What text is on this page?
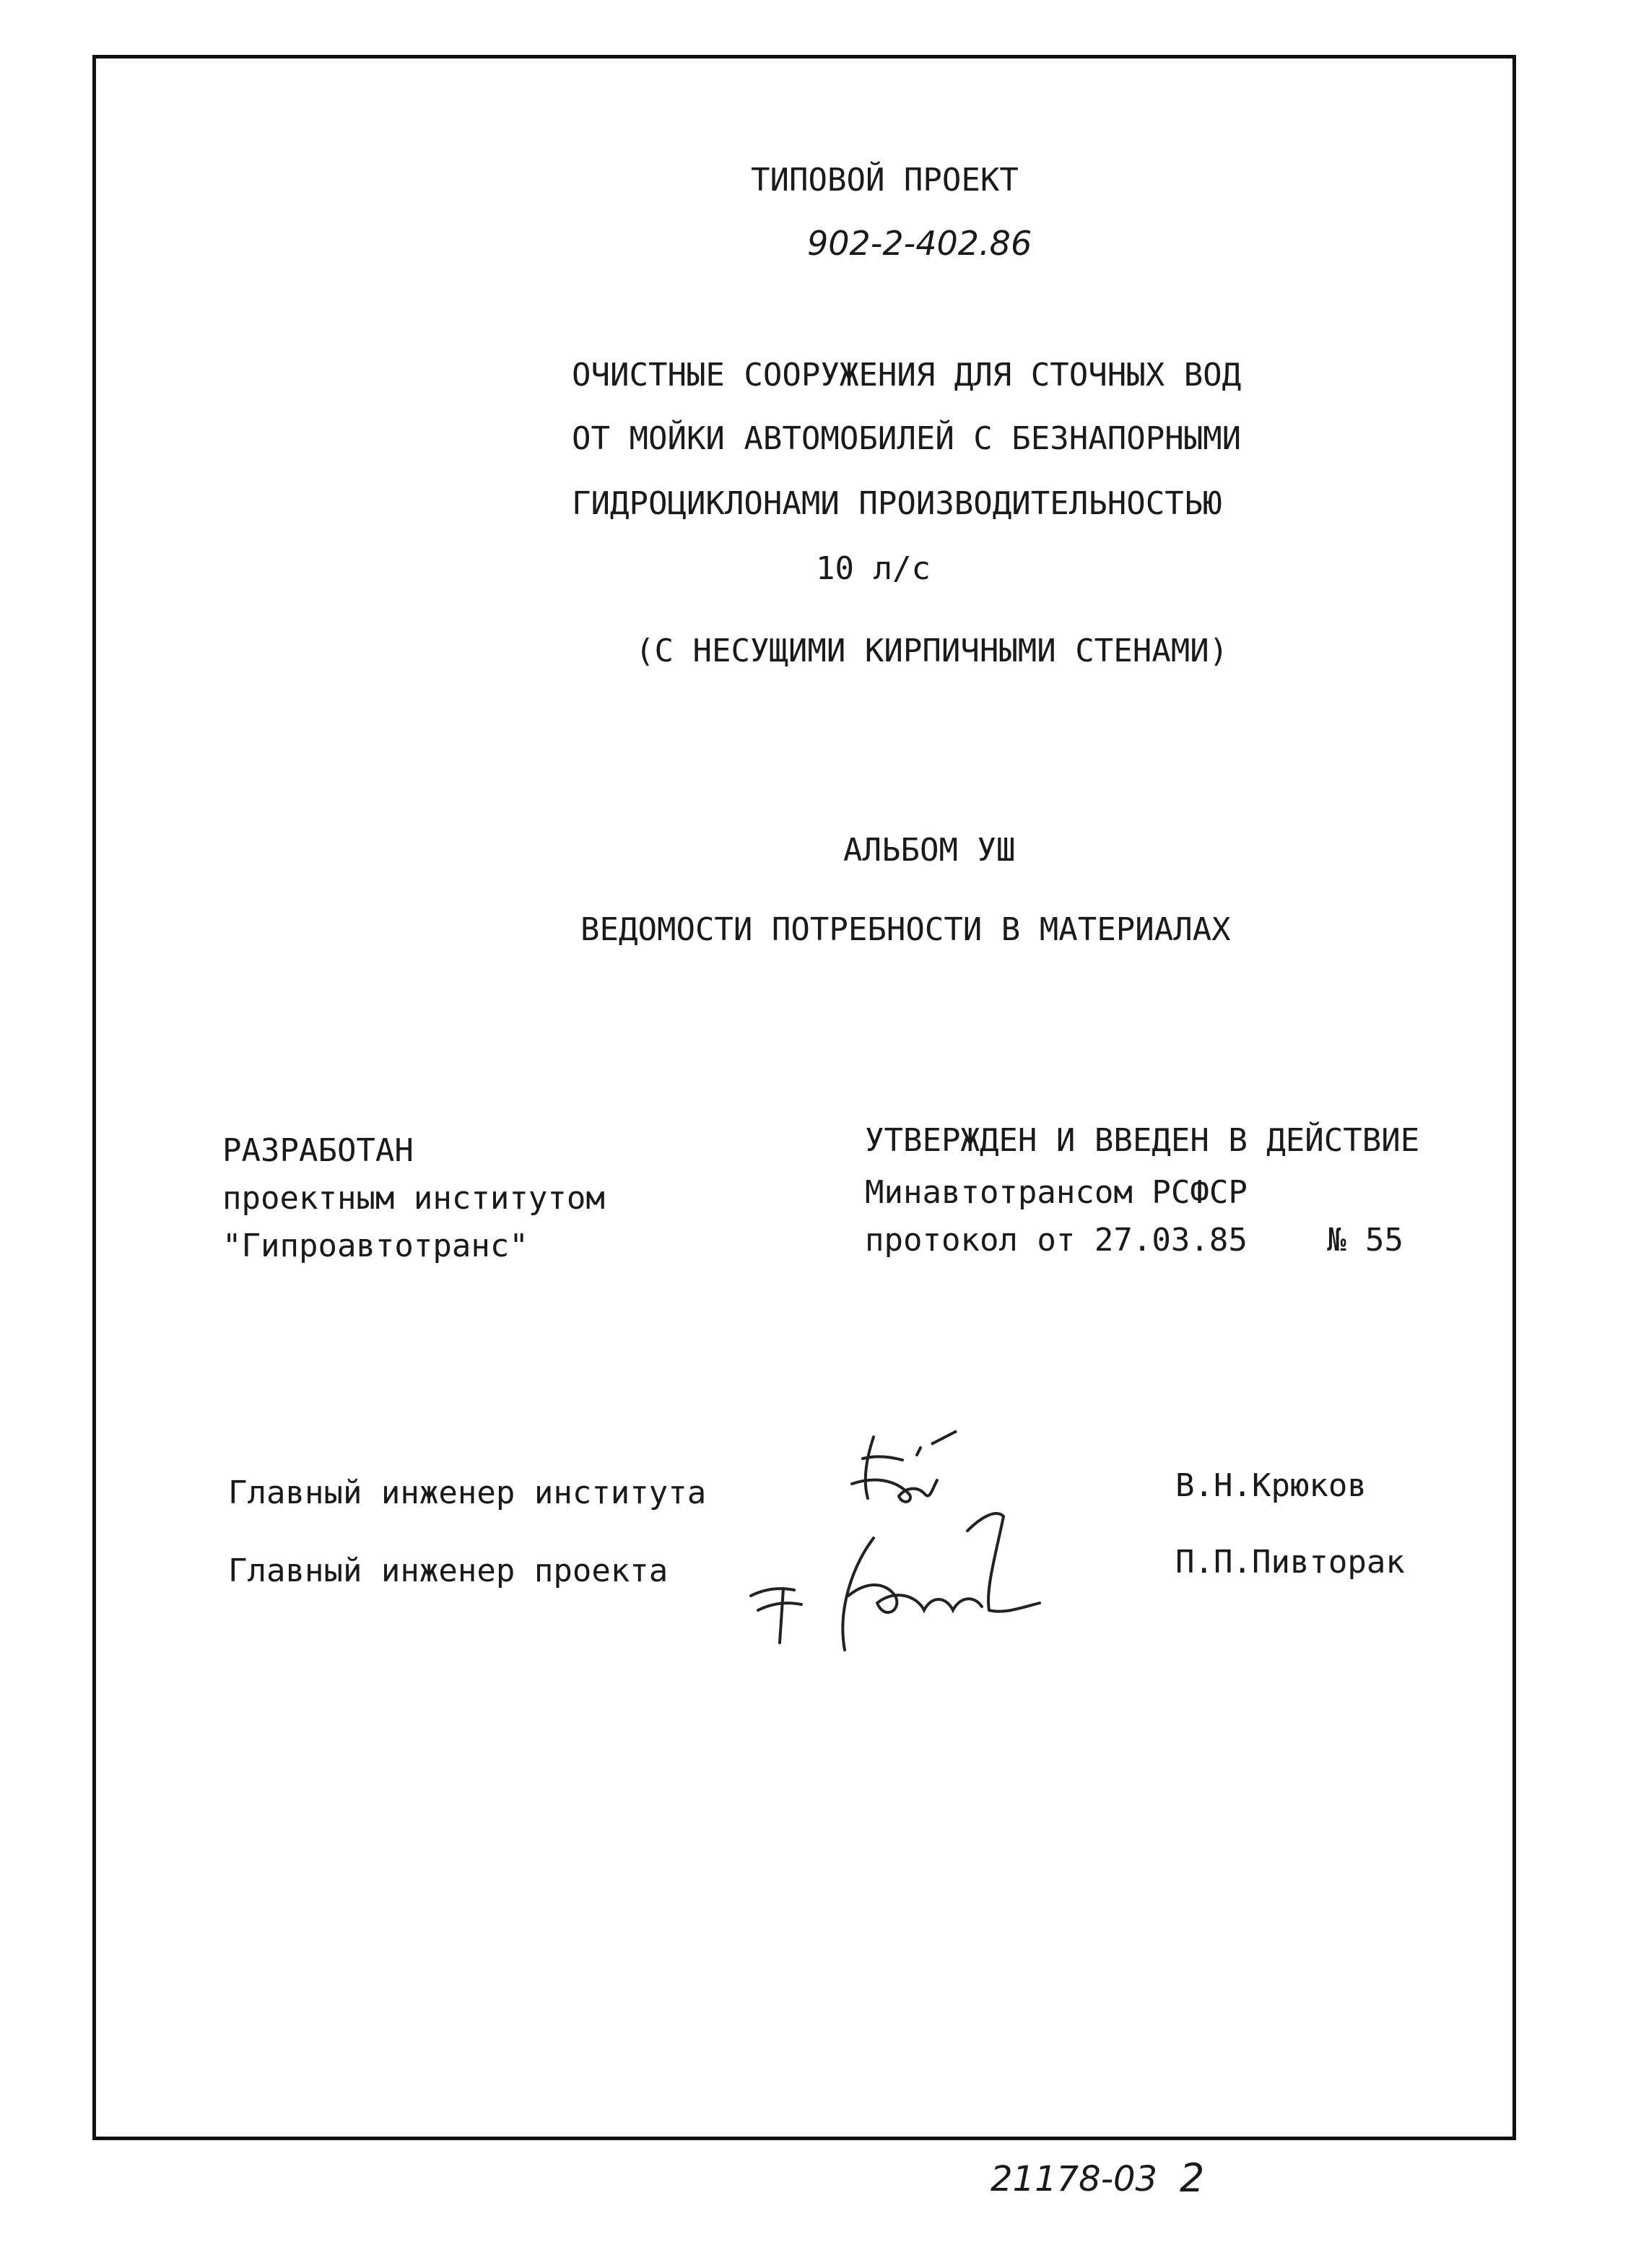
ТИПОВОЙ ПРОЕКТ
902-2-402.86
ОЧИСТНЫЕ СООРУЖЕНИЯ ДЛЯ СТОЧНЫХ ВОД
ОТ МОЙКИ АВТОМОБИЛЕЙ С БЕЗНАПОРНЫМИ
ГИДРОЦИКЛОНАМИ ПРОИЗВОДИТЕЛЬНОСТЬЮ
10 л/с
(С НЕСУЩИМИ КИРПИЧНЫМИ СТЕНАМИ)
АЛЬБОМ УШ
ВЕДОМОСТИ ПОТРЕБНОСТИ В МАТЕРИАЛАХ
РАЗРАБОТАН
проектным институтом
"Гипроавтотранс"
УТВЕРЖДЕН И ВВЕДЕН В ДЕЙСТВИЕ
Минавтотрансом РСФСР
протокол от 27.03.85	№ 55
Главный инженер института	В.Н.Крюков
Главный инженер проекта	П.П.Пивторак
21178-03 2
